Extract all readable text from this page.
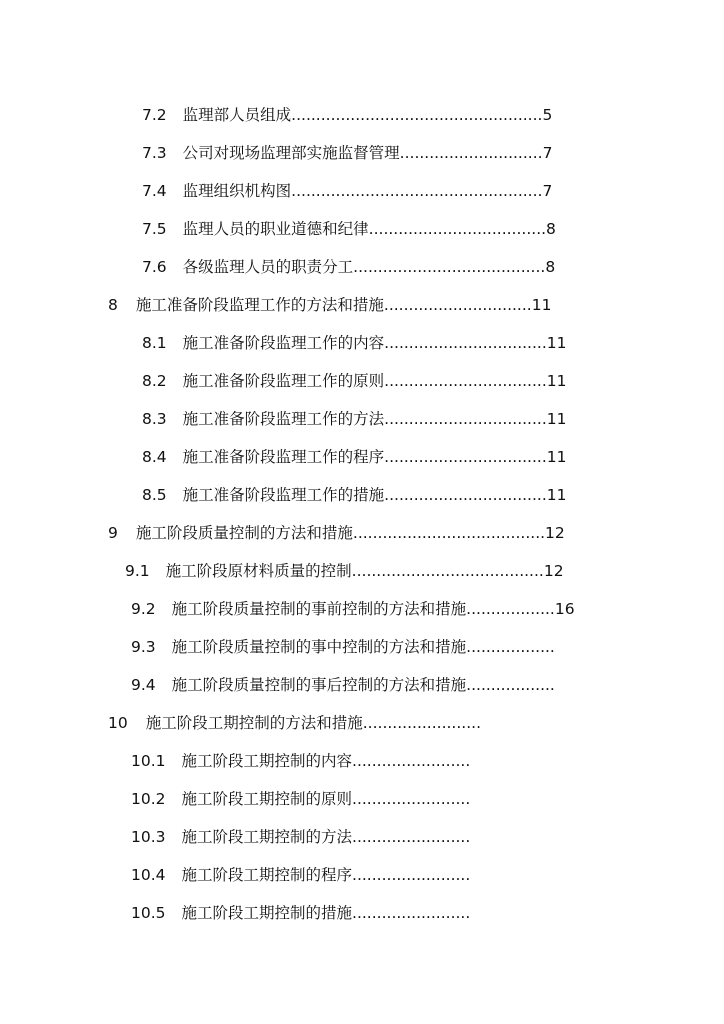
7.2 监理部人员组成...................................................5
7.3 公司对现场监理部实施监督管理.............................7
7.4 监理组织机构图...................................................7
7.5 监理人员的职业道德和纪律....................................8
7.6 各级监理人员的职责分工.......................................8
8 施工准备阶段监理工作的方法和措施..............................11
8.1 施工准备阶段监理工作的内容.................................11
8.2 施工准备阶段监理工作的原则.................................11
8.3 施工准备阶段监理工作的方法.................................11
8.4 施工准备阶段监理工作的程序.................................11
8.5 施工准备阶段监理工作的措施.................................11
9 施工阶段质量控制的方法和措施.......................................12
9.1 施工阶段原材料质量的控制.......................................12
9.2 施工阶段质量控制的事前控制的方法和措施..................16
9.3 施工阶段质量控制的事中控制的方法和措施..................
9.4 施工阶段质量控制的事后控制的方法和措施..................
10 施工阶段工期控制的方法和措施........................
10.1 施工阶段工期控制的内容........................
10.2 施工阶段工期控制的原则........................
10.3 施工阶段工期控制的方法........................
10.4 施工阶段工期控制的程序........................
10.5 施工阶段工期控制的措施........................
